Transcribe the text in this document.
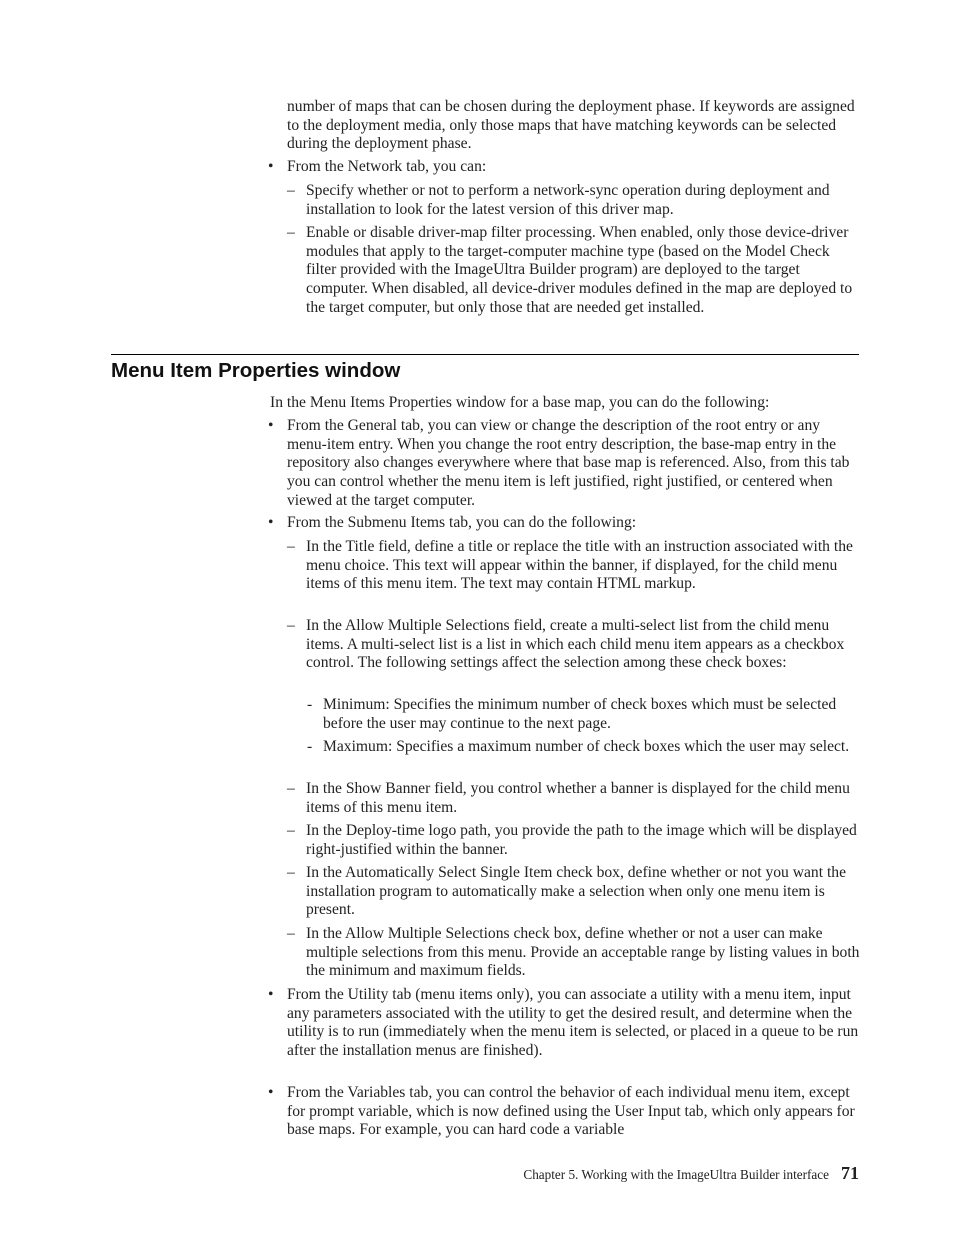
number of maps that can be chosen during the deployment phase. If keywords are assigned to the deployment media, only those maps that have matching keywords can be selected during the deployment phase.
• From the Network tab, you can:
– Specify whether or not to perform a network-sync operation during deployment and installation to look for the latest version of this driver map.
– Enable or disable driver-map filter processing. When enabled, only those device-driver modules that apply to the target-computer machine type (based on the Model Check filter provided with the ImageUltra Builder program) are deployed to the target computer. When disabled, all device-driver modules defined in the map are deployed to the target computer, but only those that are needed get installed.
Menu Item Properties window
In the Menu Items Properties window for a base map, you can do the following:
• From the General tab, you can view or change the description of the root entry or any menu-item entry. When you change the root entry description, the base-map entry in the repository also changes everywhere where that base map is referenced. Also, from this tab you can control whether the menu item is left justified, right justified, or centered when viewed at the target computer.
• From the Submenu Items tab, you can do the following:
– In the Title field, define a title or replace the title with an instruction associated with the menu choice. This text will appear within the banner, if displayed, for the child menu items of this menu item. The text may contain HTML markup.
– In the Allow Multiple Selections field, create a multi-select list from the child menu items. A multi-select list is a list in which each child menu item appears as a checkbox control. The following settings affect the selection among these check boxes:
- Minimum: Specifies the minimum number of check boxes which must be selected before the user may continue to the next page.
- Maximum: Specifies a maximum number of check boxes which the user may select.
– In the Show Banner field, you control whether a banner is displayed for the child menu items of this menu item.
– In the Deploy-time logo path, you provide the path to the image which will be displayed right-justified within the banner.
– In the Automatically Select Single Item check box, define whether or not you want the installation program to automatically make a selection when only one menu item is present.
– In the Allow Multiple Selections check box, define whether or not a user can make multiple selections from this menu. Provide an acceptable range by listing values in both the minimum and maximum fields.
• From the Utility tab (menu items only), you can associate a utility with a menu item, input any parameters associated with the utility to get the desired result, and determine when the utility is to run (immediately when the menu item is selected, or placed in a queue to be run after the installation menus are finished).
• From the Variables tab, you can control the behavior of each individual menu item, except for prompt variable, which is now defined using the User Input tab, which only appears for base maps. For example, you can hard code a variable
Chapter 5. Working with the ImageUltra Builder interface 71
